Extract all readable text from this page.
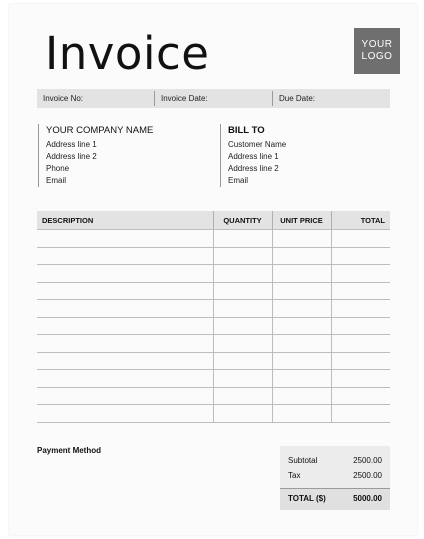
Invoice	YOUR
LOGO
Invoice No:	Invoice Date:	Due Date:
YOUR COMPANY NAME
Address line 1
Address line 2
Phone
Email
BILL TO
Customer Name
Address line 1
Address line 2
Email
DESCRIPTION	QUANTITY	UNIT PRICE	TOTAL

Payment Method
Subtotal	2500.00
Tax	2500.00
TOTAL ($)	5000.00
